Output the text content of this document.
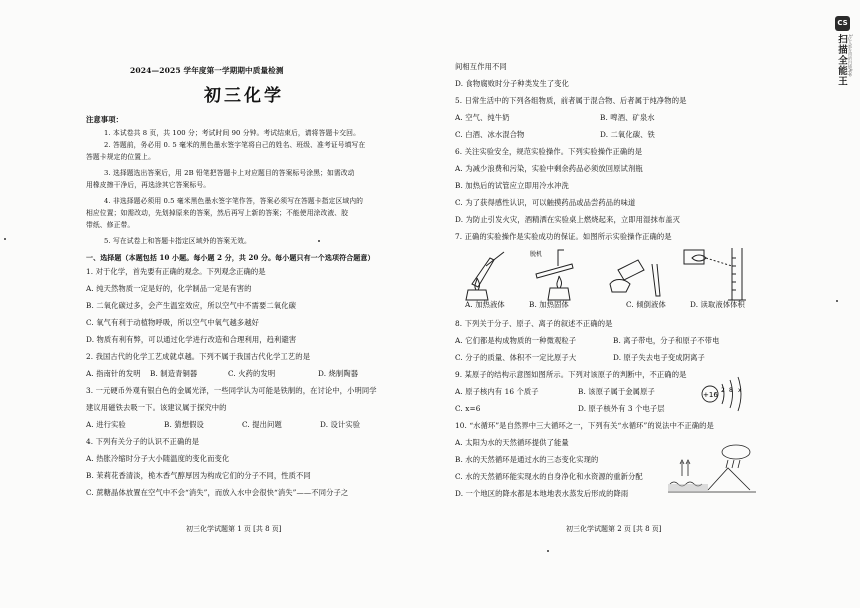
CS
扫描全能王 3亿人都在用的扫描App
2024—2025 学年度第一学期期中质量检测
初三化学
注意事项：
1. 本试卷共 8 页，共 100 分；考试时间 90 分钟。考试结束后，请将答题卡交回。
2. 答题前，务必用 0. 5 毫米的黑色墨水签字笔将自己的姓名、班级、准考证号填写在
答题卡规定的位置上。
3. 选择题选出答案后，用 2B 铅笔把答题卡上对应题目的答案标号涂黑；如需改动
用橡皮擦干净后，再选涂其它答案标号。
4. 非选择题必须用 0.5 毫米黑色墨水签字笔作答，答案必须写在答题卡指定区域内的
相应位置；如需改动，先划掉原来的答案，然后再写上新的答案；不能使用涂改液、胶
带纸、修正带。
5. 写在试卷上和答题卡指定区域外的答案无效。
一、选择题（本题包括 10 小题。每小题 2 分，共 20 分。每小题只有一个选项符合题意）
1. 对于化学，首先要有正确的观念。下列观念正确的是
A. 纯天然物质一定是好的，化学制品一定是有害的
B. 二氧化碳过多，会产生温室效应，所以空气中不需要二氧化碳
C. 氧气有利于动植物呼吸，所以空气中氧气越多越好
D. 物质有利有弊，可以通过化学进行改造和合理利用，趋利避害
2. 我国古代的化学工艺成就卓越。下列不属于我国古代化学工艺的是
A. 指南针的发明 B. 制造青铜器	C. 火药的发明	D. 烧制陶器
3. 一元硬币外观有银白色的金属光泽，一些同学认为可能是铁制的，在讨论中，小明同学
建议用磁铁去吸一下。该建议属于探究中的
A. 进行实验	B. 猜想假设	C. 提出问题	D. 设计实验
4. 下列有关分子的认识不正确的是
A. 热胀冷缩时分子大小随温度的变化而变化
B. 茉莉花香清淡，桅木香气醇厚因为构成它们的分子不同，性质不同
C. 蔗糖晶体放置在空气中不会“消失”，而放入水中会很快“消失”——不同分子之
初三化学试题第 1 页 [共 8 页]
间相互作用不同
D. 食物腐败时分子种类发生了变化
5. 日常生活中的下列各组物质，前者属于混合物、后者属于纯净物的是
A. 空气、纯牛奶	B. 啤酒、矿泉水
C. 白酒、冰水混合物	D. 二氧化碳、铁
6. 关注实验安全，规范实验操作。下列实验操作正确的是
A. 为减少浪费和污染，实验中剩余药品必须放回原试剂瓶
B. 加热后的试管应立即用冷水冲洗
C. 为了获得感性认识，可以触摸药品或品尝药品的味道
D. 为防止引发火灾，酒精洒在实验桌上燃烧起来，立即用湿抹布盖灭
7. 正确的实验操作是实验成功的保证。如图所示实验操作正确的是
脱机
A. 加热液体	B. 加热固体	C. 倾倒液体	D. 读取液体体积
8. 下列关于分子、原子、离子的叙述不正确的是
A. 它们都是构成物质的一种微观粒子	B. 离子带电，分子和原子不带电
C. 分子的质量、体积不一定比原子大	D. 原子失去电子变成阴离子
9. 某原子的结构示意图如图所示。下列对该原子的判断中，不正确的是
A. 原子核内有 16 个质子	B. 该原子属于金属原子
C. x=6	D. 原子核外有 3 个电子层
+16
2 8 x
10. “水循环”是自然界中三大循环之一，下列有关“水循环”的说法中不正确的是
A. 太阳为水的天然循环提供了能量
B. 水的天然循环是通过水的三态变化实现的
C. 水的天然循环能实现水的自身净化和水资源的重新分配
D. 一个地区的降水都是本地地表水蒸发后形成的降雨
初三化学试题第 2 页 [共 8 页]
